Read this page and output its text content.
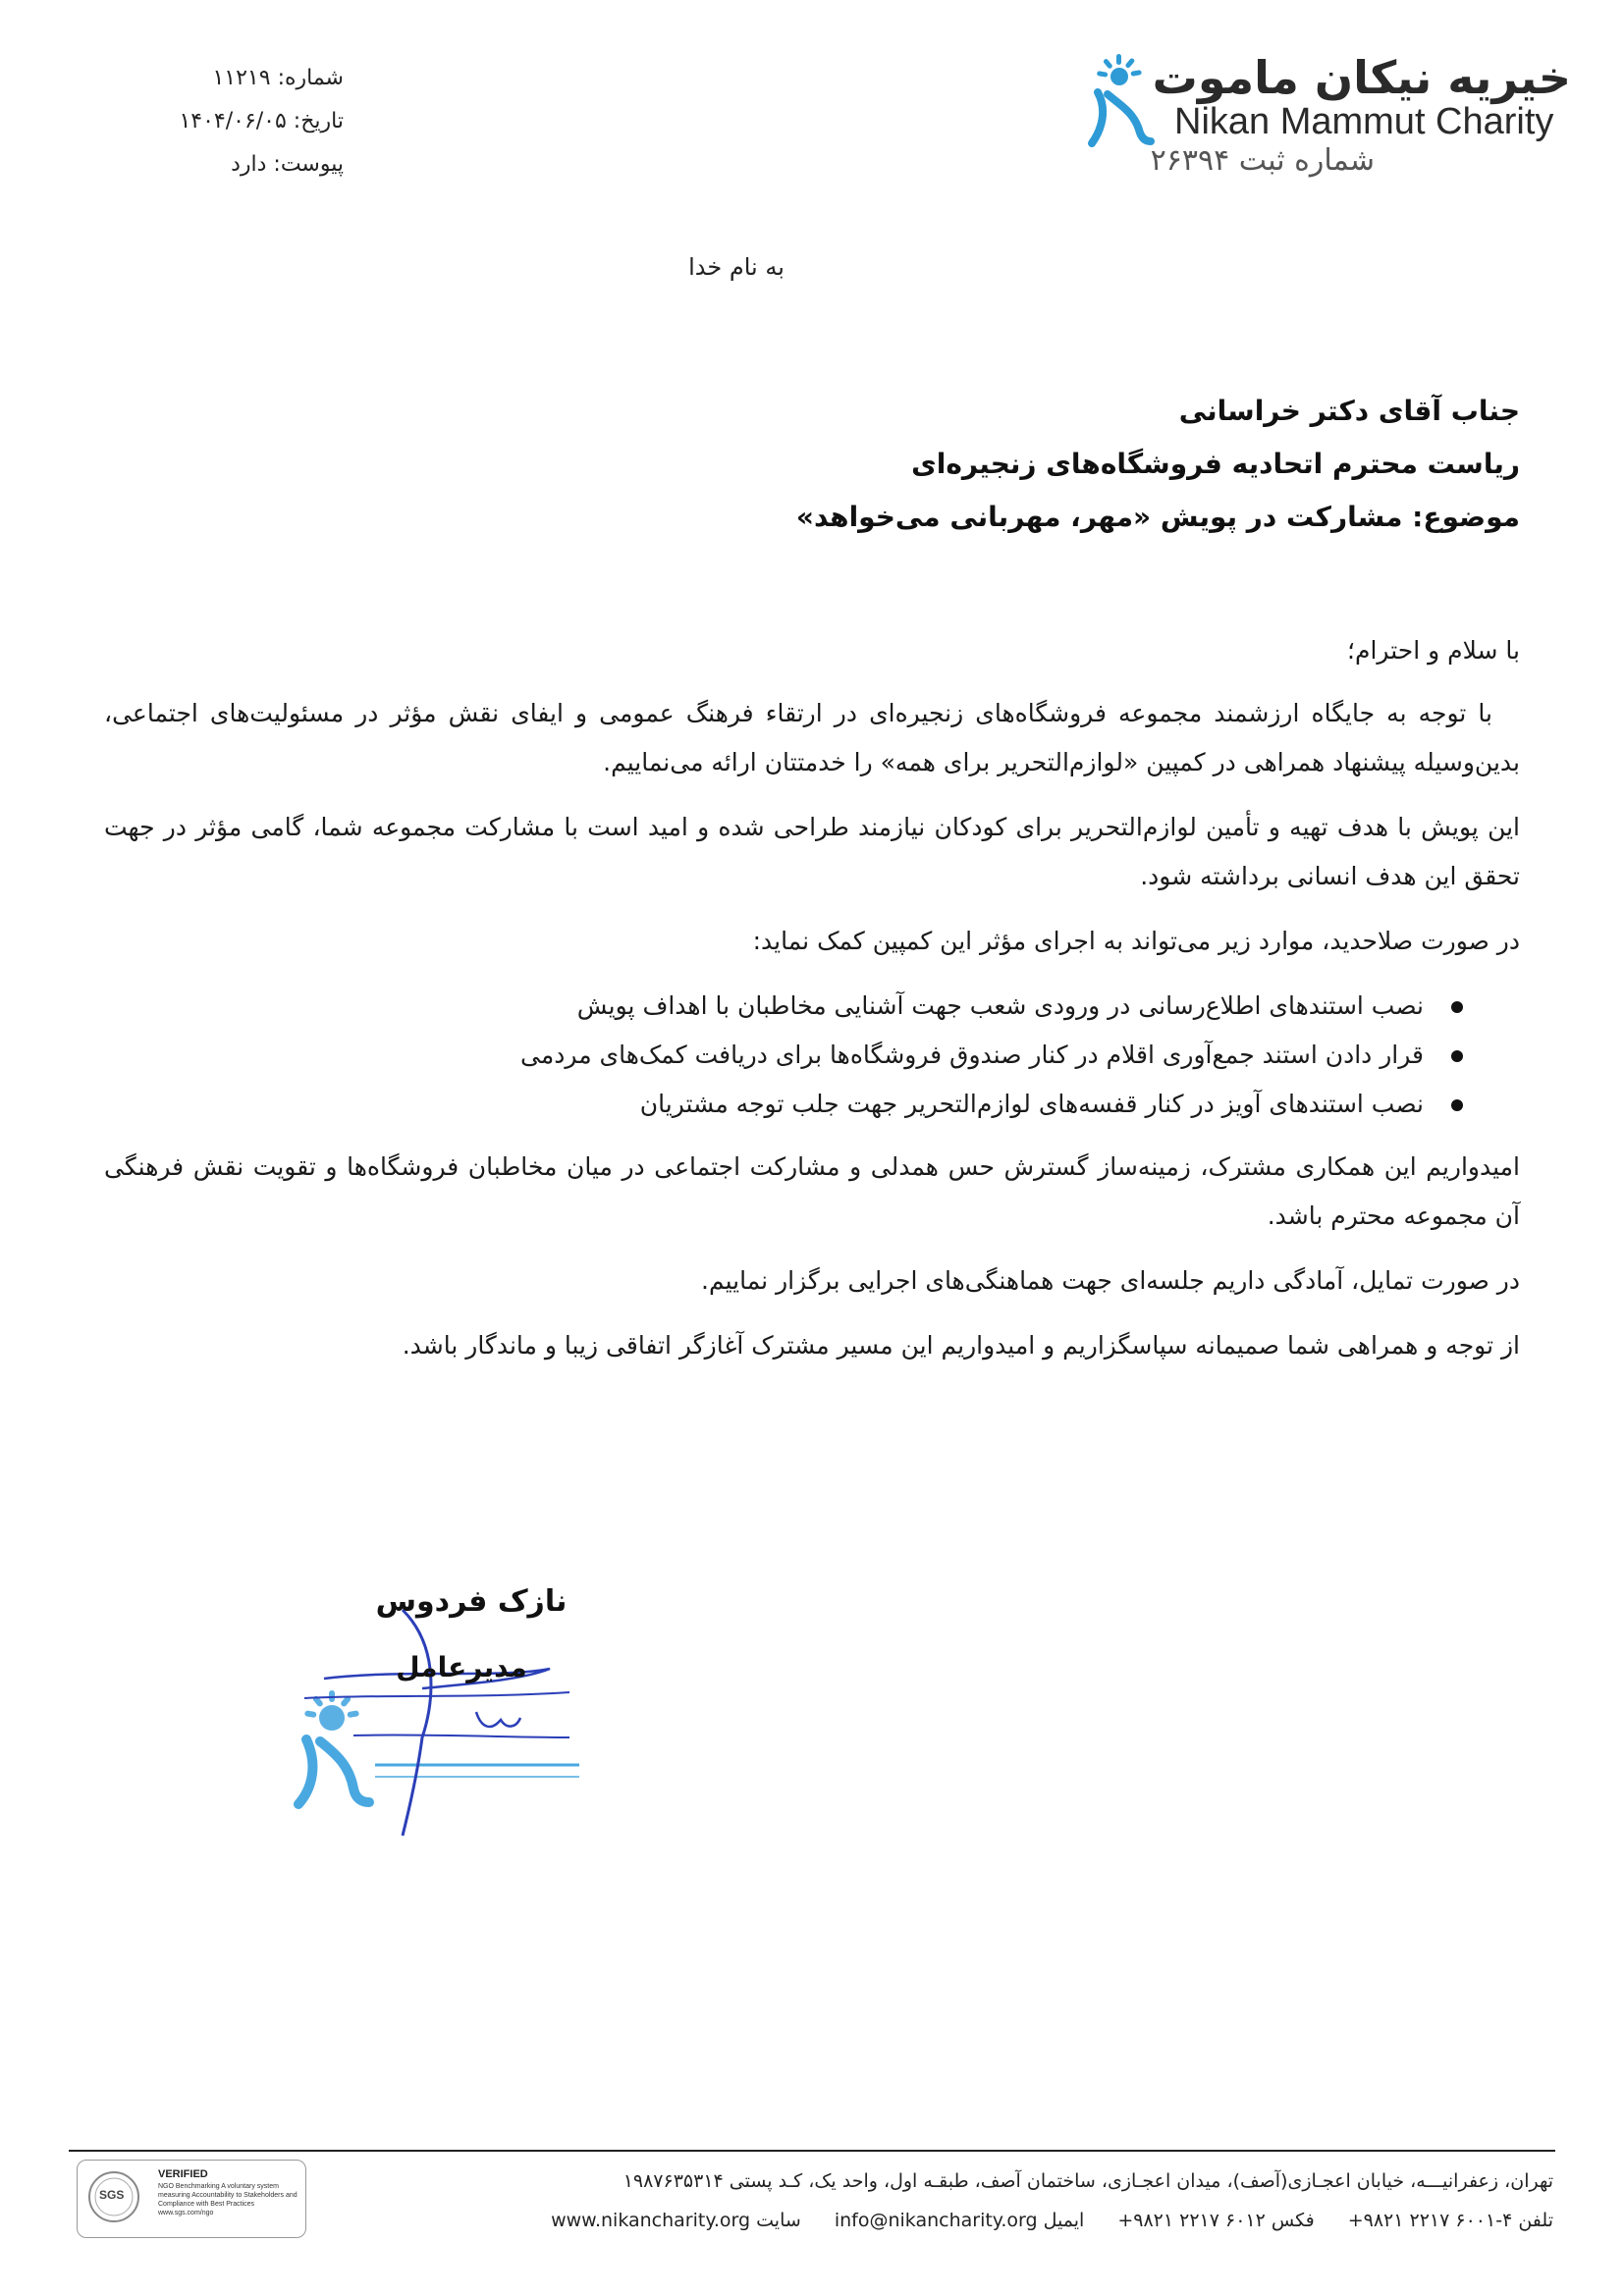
خیریه نیکان ماموت
Nikan Mammut Charity
شماره ثبت ۲۶۳۹۴
شماره: ۱۱۲۱۹
تاریخ: ۱۴۰۴/۰۶/۰۵
پیوست: دارد
به نام خدا
جناب آقای دکتر خراسانی
ریاست محترم اتحادیه فروشگاه‌های زنجیره‌ای
موضوع: مشارکت در پویش «مهر، مهربانی می‌خواهد»

با سلام و احترام؛

با توجه به جایگاه ارزشمند مجموعه فروشگاه‌های زنجیره‌ای در ارتقاء فرهنگ عمومی و ایفای نقش مؤثر در مسئولیت‌های اجتماعی، بدین‌وسیله پیشنهاد همراهی در کمپین «لوازم‌التحریر برای همه» را خدمتتان ارائه می‌نماییم.

این پویش با هدف تهیه و تأمین لوازم‌التحریر برای کودکان نیازمند طراحی شده و امید است با مشارکت مجموعه شما، گامی مؤثر در جهت تحقق این هدف انسانی برداشته شود.

در صورت صلاحدید، موارد زیر می‌تواند به اجرای مؤثر این کمپین کمک نماید:

نصب استندهای اطلاع‌رسانی در ورودی شعب جهت آشنایی مخاطبان با اهداف پویش
قرار دادن استند جمع‌آوری اقلام در کنار صندوق فروشگاه‌ها برای دریافت کمک‌های مردمی
نصب استندهای آویز در کنار قفسه‌های لوازم‌التحریر جهت جلب توجه مشتریان

امیدواریم این همکاری مشترک، زمینه‌ساز گسترش حس همدلی و مشارکت اجتماعی در میان مخاطبان فروشگاه‌ها و تقویت نقش فرهنگی آن مجموعه محترم باشد.

در صورت تمایل، آمادگی داریم جلسه‌ای جهت هماهنگی‌های اجرایی برگزار نماییم.

از توجه و همراهی شما صمیمانه سپاسگزاریم و امیدواریم این مسیر مشترک آغازگر اتفاقی زیبا و ماندگار باشد.

نازک فردوس
مدیرعامل
تهران، زعفرانیـــه، خیابان اعجـازی(آصف)، میدان اعجـازی، ساختمان آصف، طبقـه اول، واحد یک، کـد پستی ۱۹۸۷۶۳۵۳۱۴
تلفن ۴-۶۰۰۱ ۲۲۱۷ ۹۸۲۱+ فکس ۶۰۱۲ ۲۲۱۷ ۹۸۲۱+ ایمیل info@nikancharity.org سایت www.nikancharity.org
SGS
VERIFIED
NGO Benchmarking A voluntary system measuring Accountability to Stakeholders and Compliance with Best Practices www.sgs.com/ngo
